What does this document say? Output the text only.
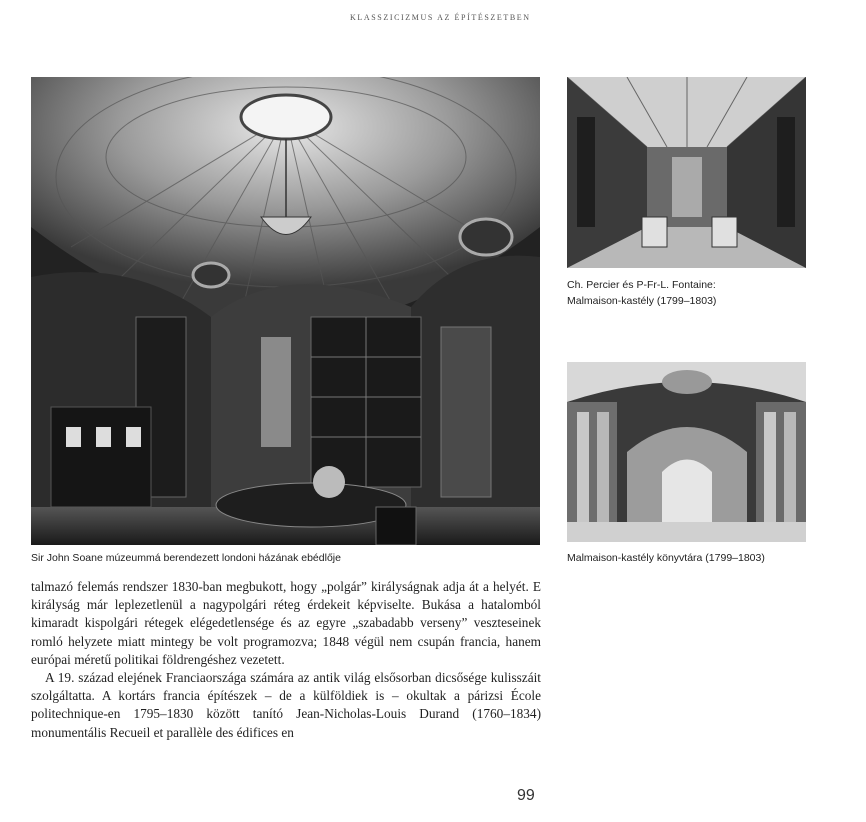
KLASSZICIZMUS AZ ÉPÍTÉSZETBEN
Sir John Soane múzeummá berendezett londoni házának ebédlője
Ch. Percier és P-Fr-L. Fontaine:
Malmaison-kastély (1799–1803)
Malmaison-kastély könyvtára (1799–1803)

talmazó felemás rendszer 1830-ban megbukott, hogy „polgár” királyságnak adja át a helyét. E királyság már leplezetlenül a nagypolgári réteg érdekeit képviselte. Bukása a hatalomból kimaradt kispolgári rétegek elégedetlensége és az egyre „szabadabb verseny” veszteseinek romló helyzete miatt mintegy be volt programozva; 1848 végül nem csupán francia, hanem európai méretű politikai földrengéshez vezetett.

A 19. század elejének Franciaországa számára az antik világ elsősorban dicsősége kulisszáit szolgáltatta. A kortárs francia építészek – de a külföldiek is – okultak a párizsi École politechnique-en 1795–1830 között tanító Jean-Nicholas-Louis Durand (1760–1834) monumentális Recueil et parallèle des édifices en

99
